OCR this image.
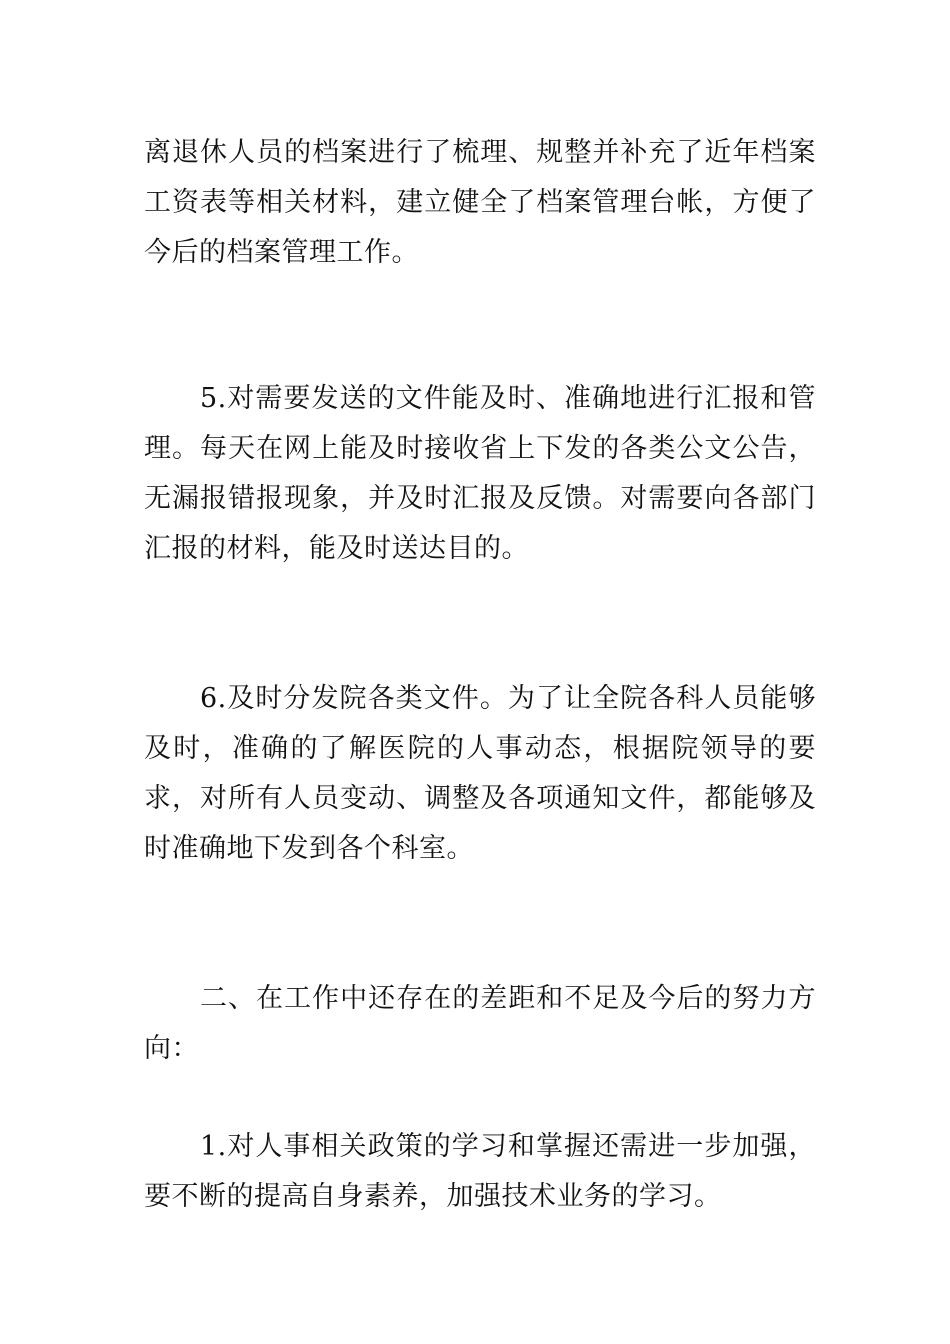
离退休人员的档案进行了梳理、规整并补充了近年档案工资表等相关材料，建立健全了档案管理台帐，方便了今后的档案管理工作。

5.对需要发送的文件能及时、准确地进行汇报和管理。每天在网上能及时接收省上下发的各类公文公告，无漏报错报现象，并及时汇报及反馈。对需要向各部门汇报的材料，能及时送达目的。

6.及时分发院各类文件。为了让全院各科人员能够及时，准确的了解医院的人事动态，根据院领导的要求，对所有人员变动、调整及各项通知文件，都能够及时准确地下发到各个科室。

二、在工作中还存在的差距和不足及今后的努力方向：

1.对人事相关政策的学习和掌握还需进一步加强，要不断的提高自身素养，加强技术业务的学习。
